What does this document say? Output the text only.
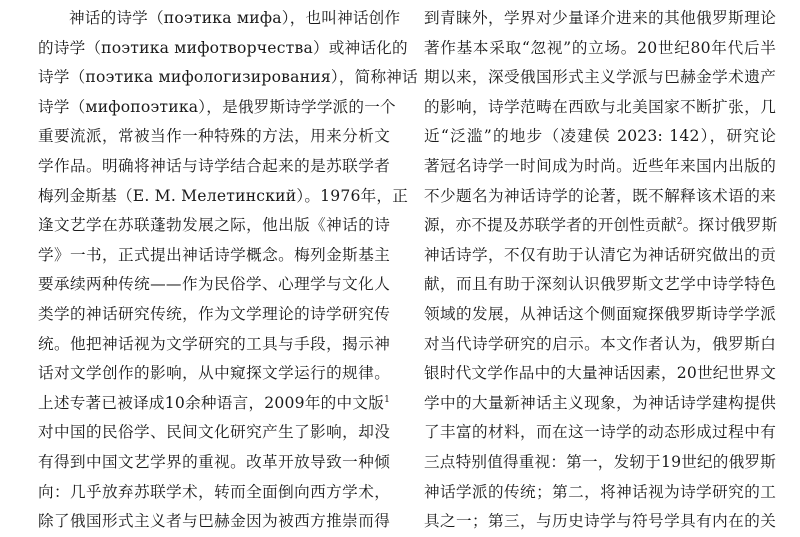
神话的诗学（поэтика мифа），也叫神话创作
的诗学（поэтика мифотворчества）或神话化的
诗学（поэтика мифологизирования），简称神话
诗学（мифопоэтика），是俄罗斯诗学学派的一个
重要流派，常被当作一种特殊的方法，用来分析文
学作品。明确将神话与诗学结合起来的是苏联学者
梅列金斯基（Е. М. Мелетинский）。1976年，正
逢文艺学在苏联蓬勃发展之际，他出版《神话的诗
学》一书，正式提出神话诗学概念。梅列金斯基主
要承续两种传统——作为民俗学、心理学与文化人
类学的神话研究传统，作为文学理论的诗学研究传
统。他把神话视为文学研究的工具与手段，揭示神
话对文学创作的影响，从中窥探文学运行的规律。
上述专著已被译成10余种语言，2009年的中文版$^1$
对中国的民俗学、民间文化研究产生了影响，却没
有得到中国文艺学界的重视。改革开放导致一种倾
向：几乎放弃苏联学术，转而全面倒向西方学术，
除了俄国形式主义者与巴赫金因为被西方推崇而得
到青睐外，学界对少量译介进来的其他俄罗斯理论
著作基本采取“忽视”的立场。20世纪80年代后半
期以来，深受俄国形式主义学派与巴赫金学术遗产
的影响，诗学范畴在西欧与北美国家不断扩张，几
近“泛滥”的地步（凌建侯 2023: 142），研究论
著冠名诗学一时间成为时尚。近些年来国内出版的
不少题名为神话诗学的论著，既不解释该术语的来
源，亦不提及苏联学者的开创性贡献$^2$。探讨俄罗斯
神话诗学，不仅有助于认清它为神话研究做出的贡
献，而且有助于深刻认识俄罗斯文艺学中诗学特色
领域的发展，从神话这个侧面窥探俄罗斯诗学学派
对当代诗学研究的启示。本文作者认为，俄罗斯白
银时代文学作品中的大量神话因素，20世纪世界文
学中的大量新神话主义现象，为神话诗学建构提供
了丰富的材料，而在这一诗学的动态形成过程中有
三点特别值得重视：第一，发轫于19世纪的俄罗斯
神话学派的传统；第二，将神话视为诗学研究的工
具之一；第三，与历史诗学与符号学具有内在的关
